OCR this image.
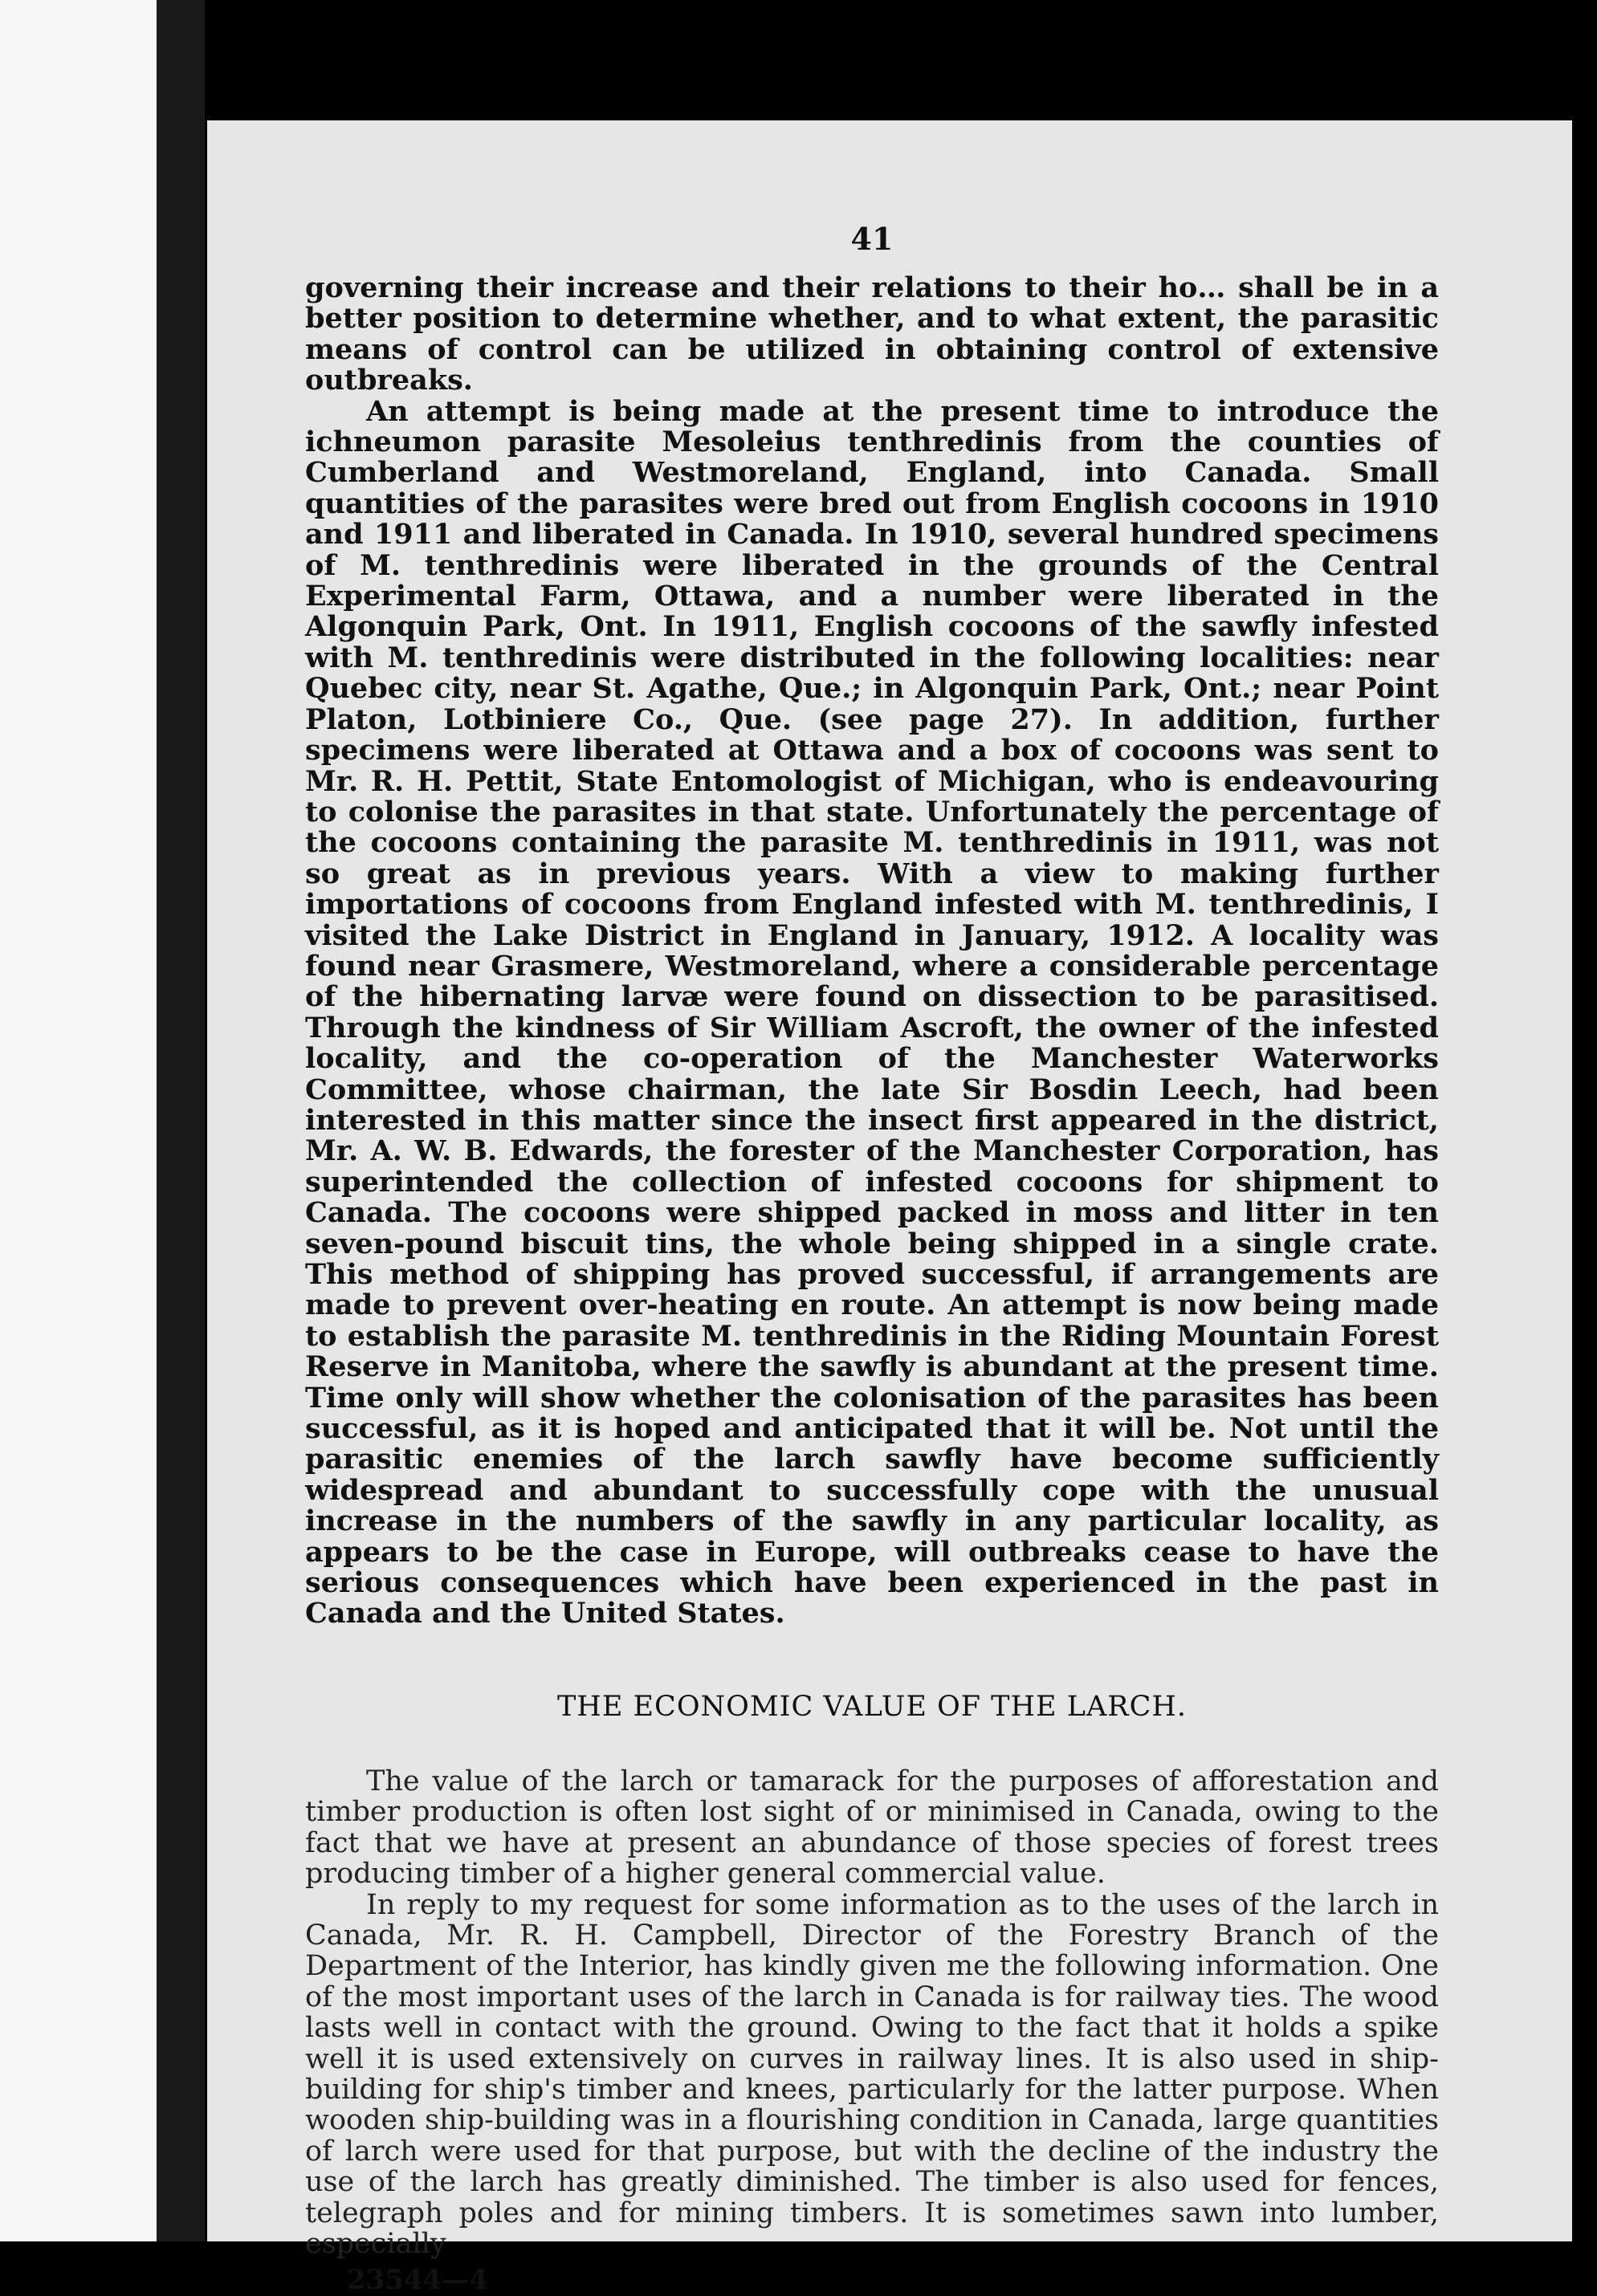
41

governing their increase and their relations to their ho… shall be in a better position to determine whether, and to what extent, the parasitic means of control can be utilized in obtaining control of extensive outbreaks.

An attempt is being made at the present time to introduce the ichneumon parasite Mesoleius tenthredinis from the counties of Cumberland and Westmoreland, England, into Canada. Small quantities of the parasites were bred out from English cocoons in 1910 and 1911 and liberated in Canada. In 1910, several hundred specimens of M. tenthredinis were liberated in the grounds of the Central Experimental Farm, Ottawa, and a number were liberated in the Algonquin Park, Ont. In 1911, English cocoons of the sawfly infested with M. tenthredinis were distributed in the following localities: near Quebec city, near St. Agathe, Que.; in Algonquin Park, Ont.; near Point Platon, Lotbiniere Co., Que. (see page 27). In addition, further specimens were liberated at Ottawa and a box of cocoons was sent to Mr. R. H. Pettit, State Entomologist of Michigan, who is endeavouring to colonise the parasites in that state. Unfortunately the percentage of the cocoons containing the parasite M. tenthredinis in 1911, was not so great as in previous years. With a view to making further importations of cocoons from England infested with M. tenthredinis, I visited the Lake District in England in January, 1912. A locality was found near Grasmere, Westmoreland, where a considerable percentage of the hibernating larvæ were found on dissection to be parasitised. Through the kindness of Sir William Ascroft, the owner of the infested locality, and the co-operation of the Manchester Waterworks Committee, whose chairman, the late Sir Bosdin Leech, had been interested in this matter since the insect first appeared in the district, Mr. A. W. B. Edwards, the forester of the Manchester Corporation, has superintended the collection of infested cocoons for shipment to Canada. The cocoons were shipped packed in moss and litter in ten seven-pound biscuit tins, the whole being shipped in a single crate. This method of shipping has proved successful, if arrangements are made to prevent over-heating en route. An attempt is now being made to establish the parasite M. tenthredinis in the Riding Mountain Forest Reserve in Manitoba, where the sawfly is abundant at the present time. Time only will show whether the colonisation of the parasites has been successful, as it is hoped and anticipated that it will be. Not until the parasitic enemies of the larch sawfly have become sufficiently widespread and abundant to successfully cope with the unusual increase in the numbers of the sawfly in any particular locality, as appears to be the case in Europe, will outbreaks cease to have the serious consequences which have been experienced in the past in Canada and the United States.

THE ECONOMIC VALUE OF THE LARCH.

The value of the larch or tamarack for the purposes of afforestation and timber production is often lost sight of or minimised in Canada, owing to the fact that we have at present an abundance of those species of forest trees producing timber of a higher general commercial value.

In reply to my request for some information as to the uses of the larch in Canada, Mr. R. H. Campbell, Director of the Forestry Branch of the Department of the Interior, has kindly given me the following information. One of the most important uses of the larch in Canada is for railway ties. The wood lasts well in contact with the ground. Owing to the fact that it holds a spike well it is used extensively on curves in railway lines. It is also used in ship-building for ship's timber and knees, particularly for the latter purpose. When wooden ship-building was in a flourishing condition in Canada, large quantities of larch were used for that purpose, but with the decline of the industry the use of the larch has greatly diminished. The timber is also used for fences, telegraph poles and for mining timbers. It is sometimes sawn into lumber, especially

23544—4
